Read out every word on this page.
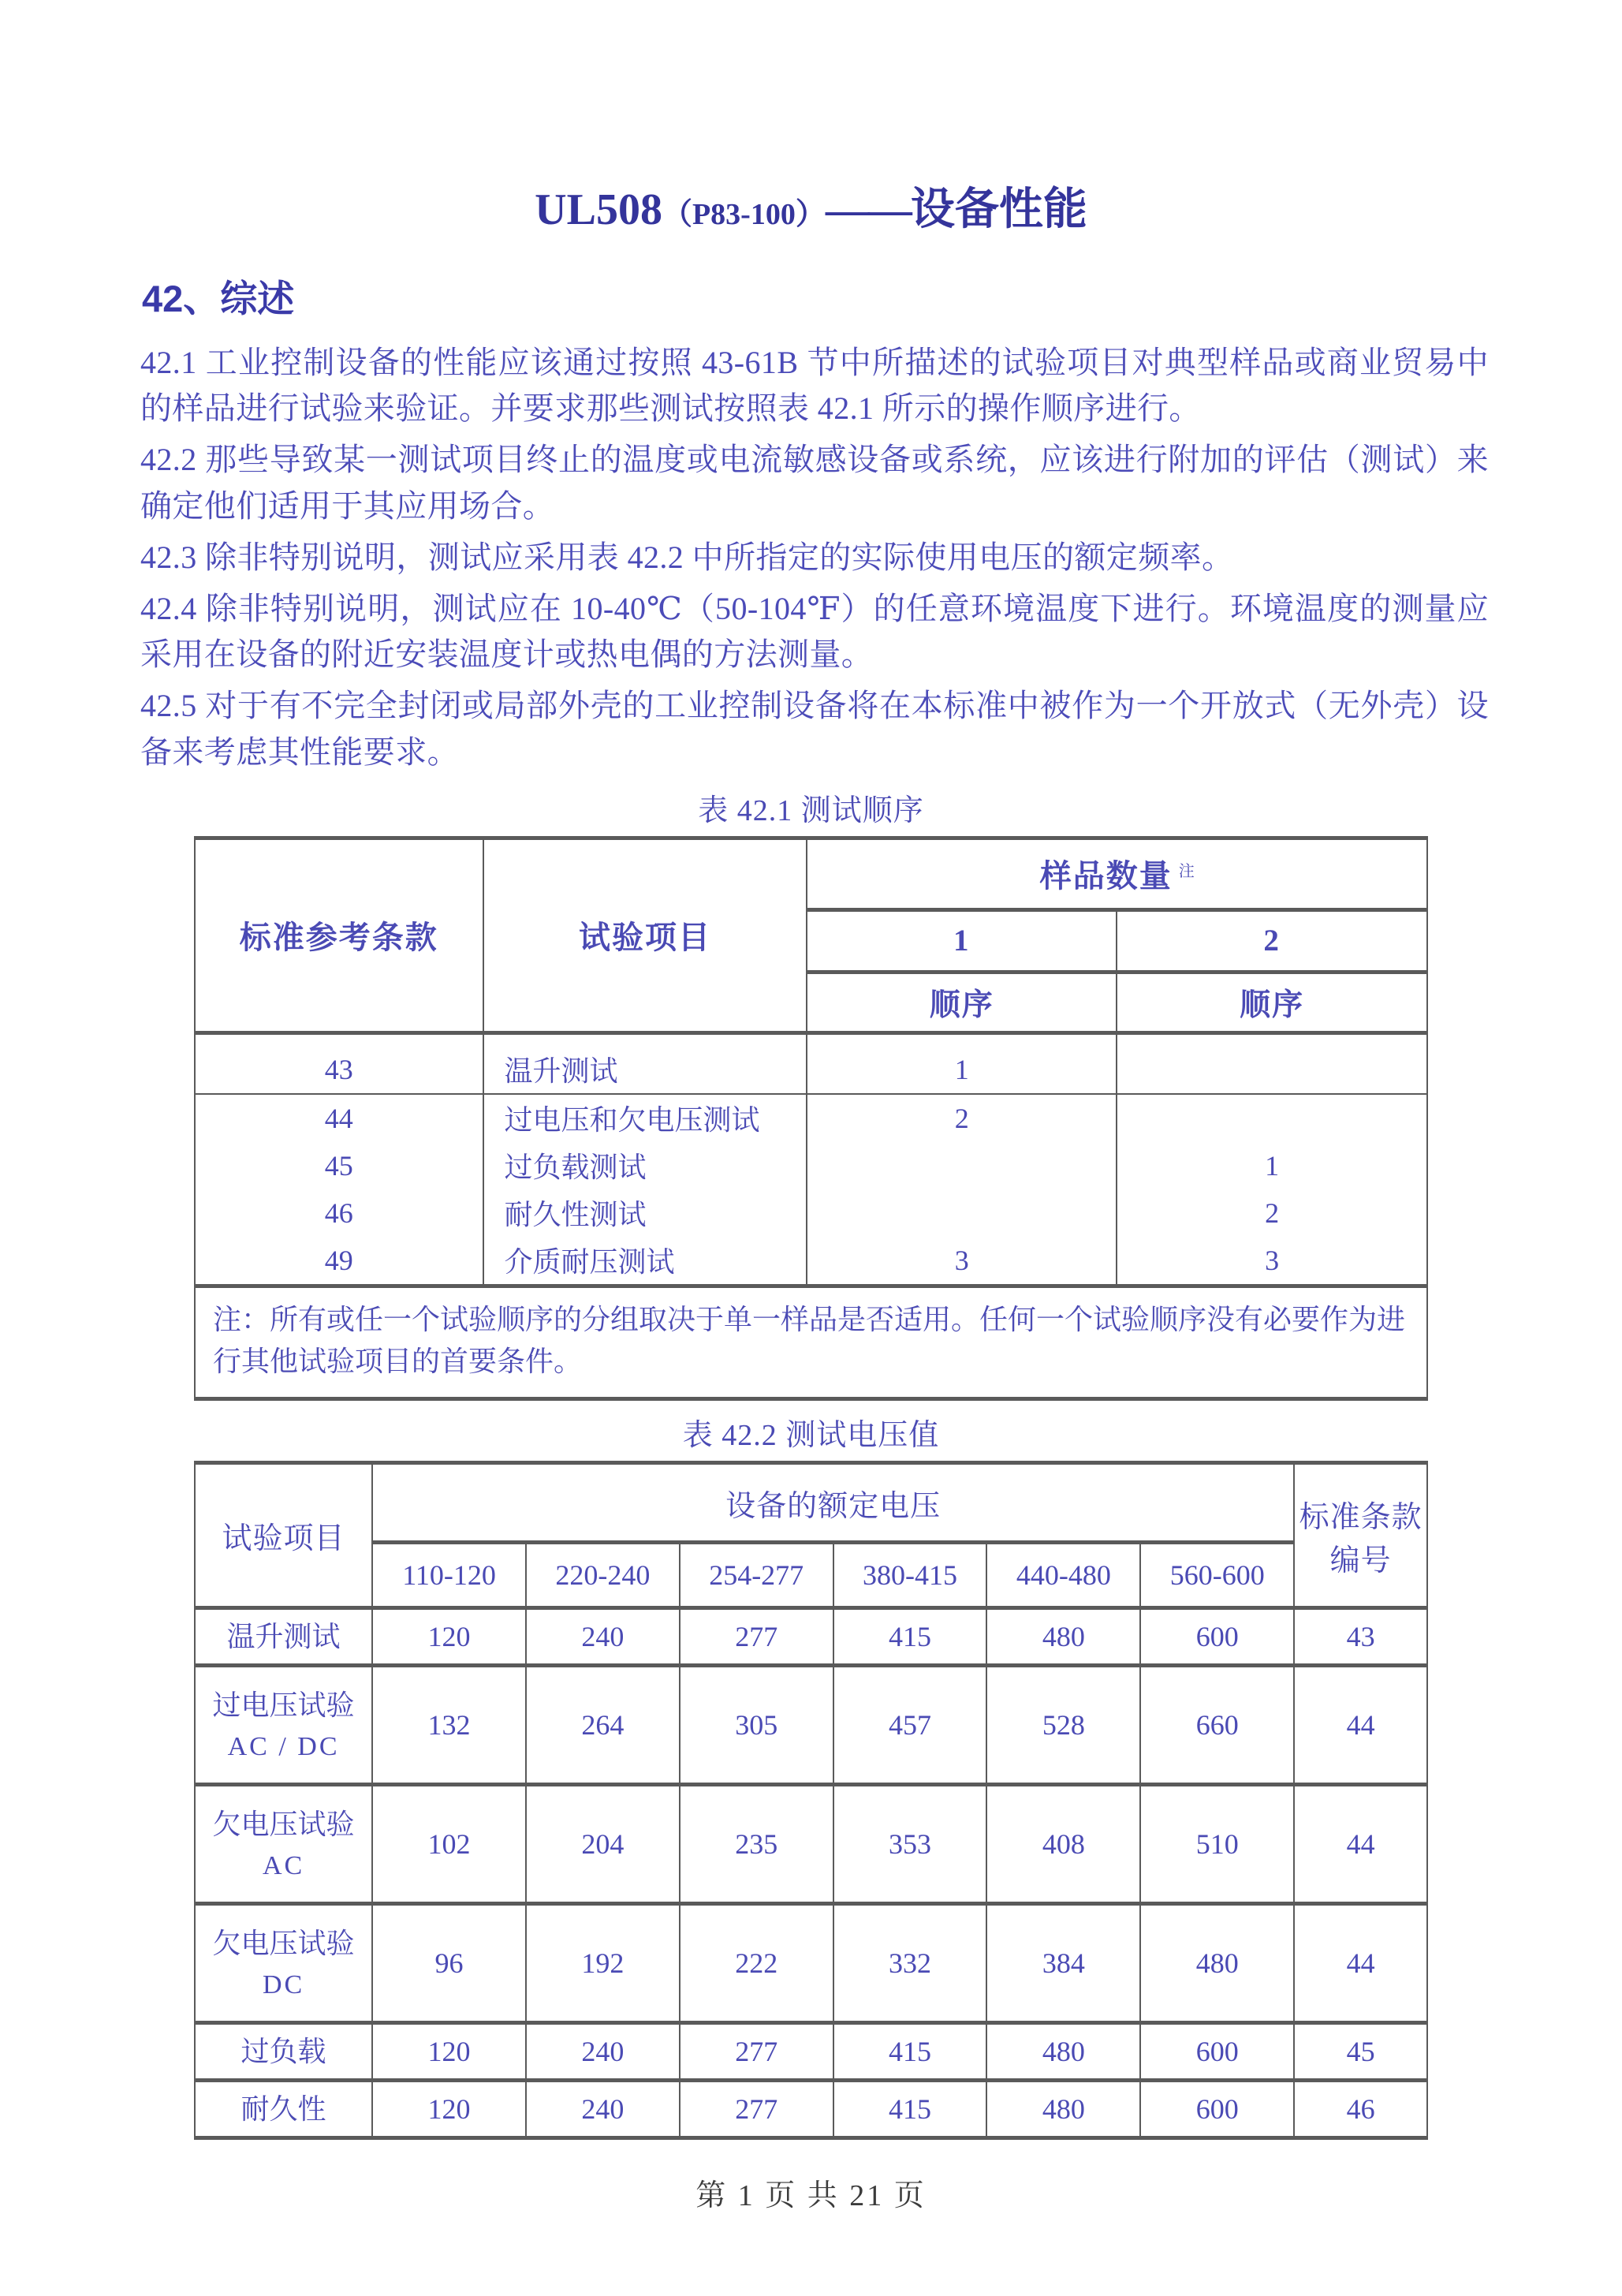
UL508（P83-100）——设备性能
42、综述

42.1 工业控制设备的性能应该通过按照 43-61B 节中所描述的试验项目对典型样品或商业贸易中的样品进行试验来验证。并要求那些测试按照表 42.1 所示的操作顺序进行。

42.2 那些导致某一测试项目终止的温度或电流敏感设备或系统，应该进行附加的评估（测试）来确定他们适用于其应用场合。

42.3 除非特别说明，测试应采用表 42.2 中所指定的实际使用电压的额定频率。

42.4 除非特别说明，测试应在 10-40℃（50-104℉）的任意环境温度下进行。环境温度的测量应采用在设备的附近安装温度计或热电偶的方法测量。

42.5 对于有不完全封闭或局部外壳的工业控制设备将在本标准中被作为一个开放式（无外壳）设备来考虑其性能要求。

表 42.1 测试顺序
标准参考条款	试验项目	样品数量 $^注$
		1	2
		顺序	顺序
43	温升测试	1	
44	过电压和欠电压测试	2	
45	过负载测试		1
46	耐久性测试		2
49	介质耐压测试	3	3
注：所有或任一个试验顺序的分组取决于单一样品是否适用。任何一个试验顺序没有必要作为进行其他试验项目的首要条件。			
表 42.2 测试电压值
试验项目	设备的额定电压						标准条款
编号

	110-120	220-240	254-277	380-415	440-480	560-600	

温升测试	120	240	277	415	480	600	43

过电压试验
AC / DC	132	264	305	457	528	660	44

欠电压试验
AC	102	204	235	353	408	510	44

欠电压试验
DC	96	192	222	332	384	480	44

过负载	120	240	277	415	480	600	45

耐久性	120	240	277	415	480	600	46
第 1 页 共 21 页
